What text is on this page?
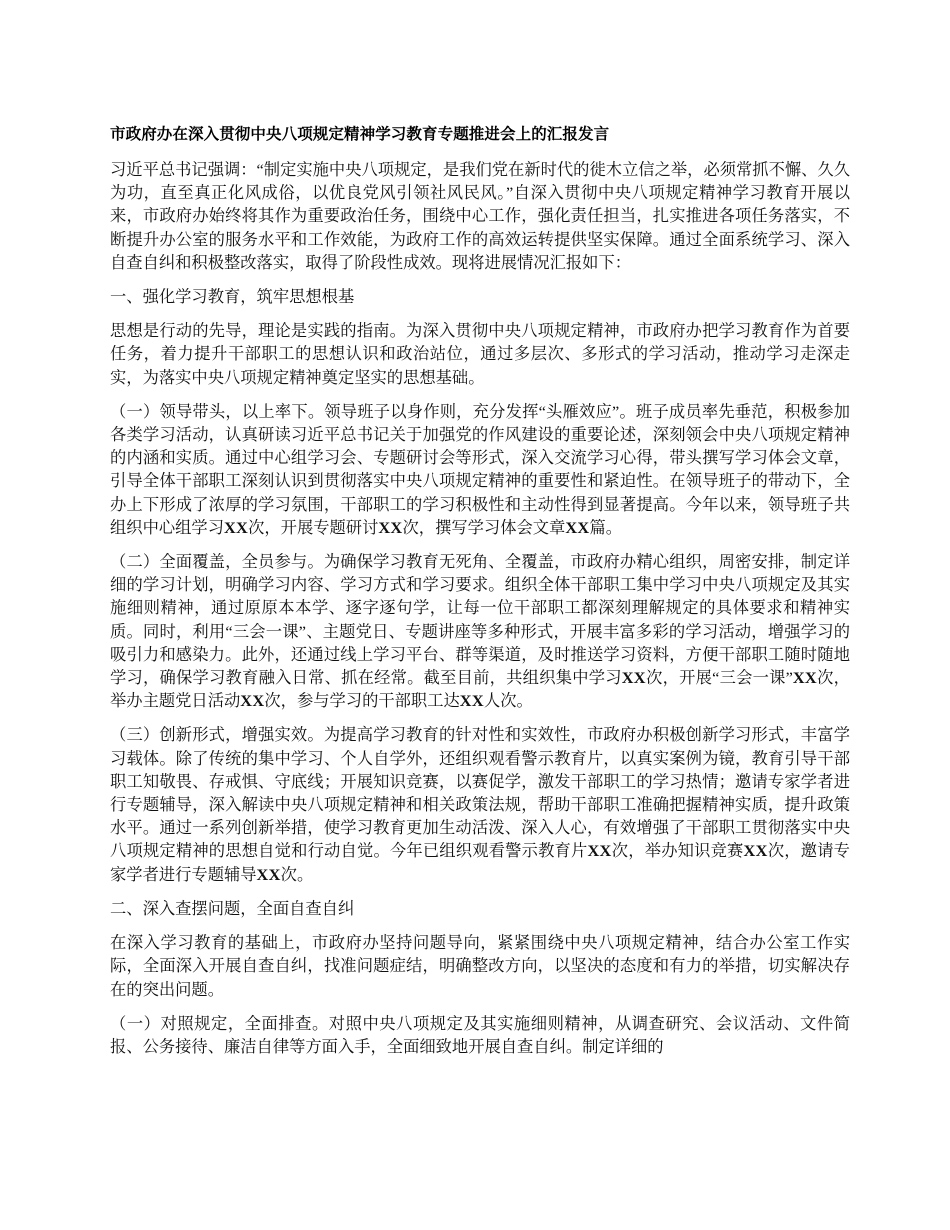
市政府办在深入贯彻中央八项规定精神学习教育专题推进会上的汇报发言

习近平总书记强调：“制定实施中央八项规定，是我们党在新时代的徙木立信之举，必须常抓不懈、久久为功，直至真正化风成俗，以优良党风引领社风民风。”自深入贯彻中央八项规定精神学习教育开展以来，市政府办始终将其作为重要政治任务，围绕中心工作，强化责任担当，扎实推进各项任务落实，不断提升办公室的服务水平和工作效能，为政府工作的高效运转提供坚实保障。通过全面系统学习、深入自查自纠和积极整改落实，取得了阶段性成效。现将进展情况汇报如下：

一、强化学习教育，筑牢思想根基

思想是行动的先导，理论是实践的指南。为深入贯彻中央八项规定精神，市政府办把学习教育作为首要任务，着力提升干部职工的思想认识和政治站位，通过多层次、多形式的学习活动，推动学习走深走实，为落实中央八项规定精神奠定坚实的思想基础。

（一）领导带头，以上率下。领导班子以身作则，充分发挥“头雁效应”。班子成员率先垂范，积极参加各类学习活动，认真研读习近平总书记关于加强党的作风建设的重要论述，深刻领会中央八项规定精神的内涵和实质。通过中心组学习会、专题研讨会等形式，深入交流学习心得，带头撰写学习体会文章，引导全体干部职工深刻认识到贯彻落实中央八项规定精神的重要性和紧迫性。在领导班子的带动下，全办上下形成了浓厚的学习氛围，干部职工的学习积极性和主动性得到显著提高。今年以来，领导班子共组织中心组学习XX次，开展专题研讨XX次，撰写学习体会文章XX篇。

（二）全面覆盖，全员参与。为确保学习教育无死角、全覆盖，市政府办精心组织，周密安排，制定详细的学习计划，明确学习内容、学习方式和学习要求。组织全体干部职工集中学习中央八项规定及其实施细则精神，通过原原本本学、逐字逐句学，让每一位干部职工都深刻理解规定的具体要求和精神实质。同时，利用“三会一课”、主题党日、专题讲座等多种形式，开展丰富多彩的学习活动，增强学习的吸引力和感染力。此外，还通过线上学习平台、群等渠道，及时推送学习资料，方便干部职工随时随地学习，确保学习教育融入日常、抓在经常。截至目前，共组织集中学习XX次，开展“三会一课”XX次，举办主题党日活动XX次，参与学习的干部职工达XX人次。

（三）创新形式，增强实效。为提高学习教育的针对性和实效性，市政府办积极创新学习形式，丰富学习载体。除了传统的集中学习、个人自学外，还组织观看警示教育片，以真实案例为镜，教育引导干部职工知敬畏、存戒惧、守底线；开展知识竞赛，以赛促学，激发干部职工的学习热情；邀请专家学者进行专题辅导，深入解读中央八项规定精神和相关政策法规，帮助干部职工准确把握精神实质，提升政策水平。通过一系列创新举措，使学习教育更加生动活泼、深入人心，有效增强了干部职工贯彻落实中央八项规定精神的思想自觉和行动自觉。今年已组织观看警示教育片XX次，举办知识竞赛XX次，邀请专家学者进行专题辅导XX次。

二、深入查摆问题，全面自查自纠

在深入学习教育的基础上，市政府办坚持问题导向，紧紧围绕中央八项规定精神，结合办公室工作实际，全面深入开展自查自纠，找准问题症结，明确整改方向，以坚决的态度和有力的举措，切实解决存在的突出问题。

（一）对照规定，全面排查。对照中央八项规定及其实施细则精神，从调查研究、会议活动、文件简报、公务接待、廉洁自律等方面入手，全面细致地开展自查自纠。制定详细的
